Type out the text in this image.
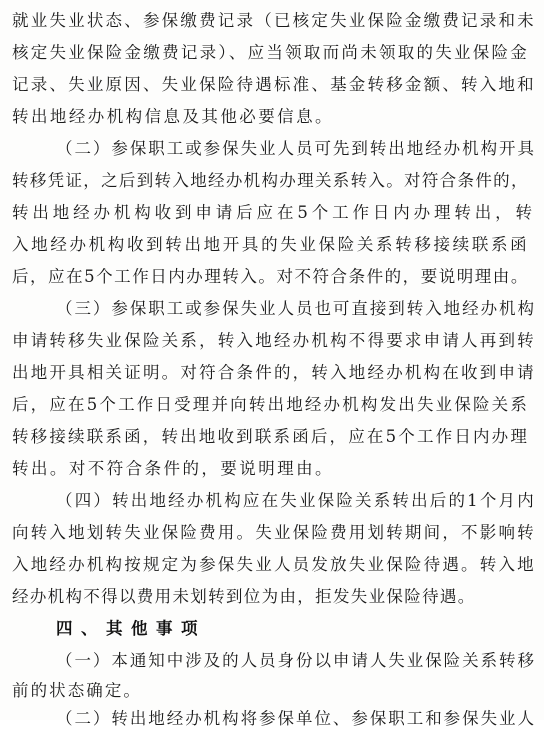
就业失业状态、参保缴费记录（已核定失业保险金缴费记录和未
核定失业保险金缴费记录）、应当领取而尚未领取的失业保险金
记录、失业原因、失业保险待遇标准、基金转移金额、转入地和
转出地经办机构信息及其他必要信息。
（二）参保职工或参保失业人员可先到转出地经办机构开具
转移凭证，之后到转入地经办机构办理关系转入。对符合条件的，
转出地经办机构收到申请后应在5个工作日内办理转出，转
入地经办机构收到转出地开具的失业保险关系转移接续联系函
后，应在5个工作日内办理转入。对不符合条件的，要说明理由。
（三）参保职工或参保失业人员也可直接到转入地经办机构
申请转移失业保险关系，转入地经办机构不得要求申请人再到转
出地开具相关证明。对符合条件的，转入地经办机构在收到申请
后，应在5个工作日受理并向转出地经办机构发出失业保险关系
转移接续联系函，转出地收到联系函后，应在5个工作日内办理
转出。对不符合条件的，要说明理由。
（四）转出地经办机构应在失业保险关系转出后的1个月内
向转入地划转失业保险费用。失业保险费用划转期间，不影响转
入地经办机构按规定为参保失业人员发放失业保险待遇。转入地
经办机构不得以费用未划转到位为由，拒发失业保险待遇。
四、其他事项
（一）本通知中涉及的人员身份以申请人失业保险关系转移
前的状态确定。
（二）转出地经办机构将参保单位、参保职工和参保失业人
